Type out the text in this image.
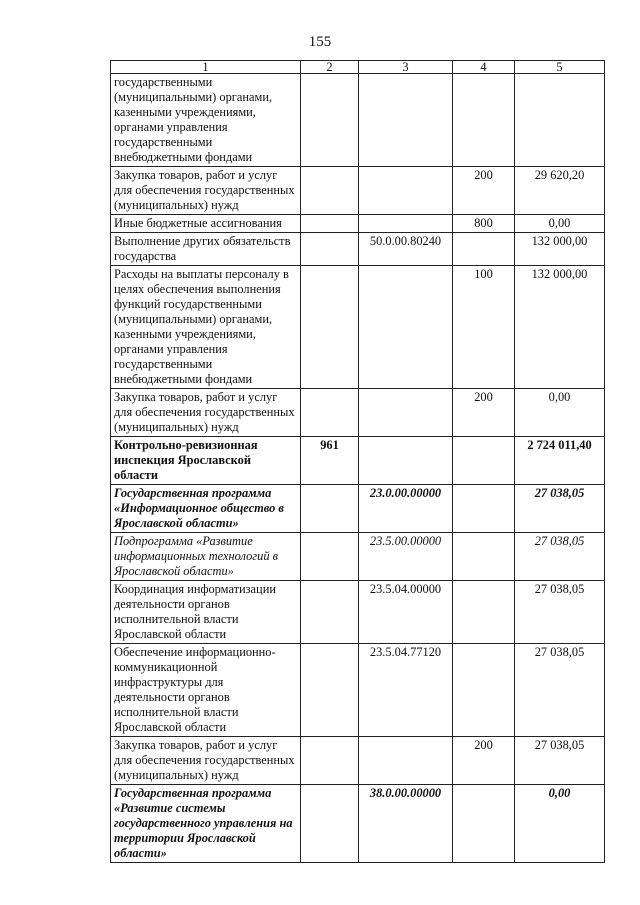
155
1	2	3	4	5
государственными (муниципальными) органами, казенными учреждениями, органами управления государственными внебюджетными фондами				
Закупка товаров, работ и услуг для обеспечения государственных (муниципальных) нужд			200	29 620,20
Иные бюджетные ассигнования			800	0,00
Выполнение других обязательств государства		50.0.00.80240		132 000,00
Расходы на выплаты персоналу в целях обеспечения выполнения функций государственными (муниципальными) органами, казенными учреждениями, органами управления государственными внебюджетными фондами			100	132 000,00
Закупка товаров, работ и услуг для обеспечения государственных (муниципальных) нужд			200	0,00
Контрольно-ревизионная инспекция Ярославской области	961			2 724 011,40
Государственная программа «Информационное общество в Ярославской области»		23.0.00.00000		27 038,05
Подпрограмма «Развитие информационных технологий в Ярославской области»		23.5.00.00000		27 038,05
Координация информатизации деятельности органов исполнительной власти Ярославской области		23.5.04.00000		27 038,05
Обеспечение информационно-коммуникационной инфраструктуры для деятельности органов исполнительной власти Ярославской области		23.5.04.77120		27 038,05
Закупка товаров, работ и услуг для обеспечения государственных (муниципальных) нужд			200	27 038,05
Государственная программа «Развитие системы государственного управления на территории Ярославской области»		38.0.00.00000		0,00
